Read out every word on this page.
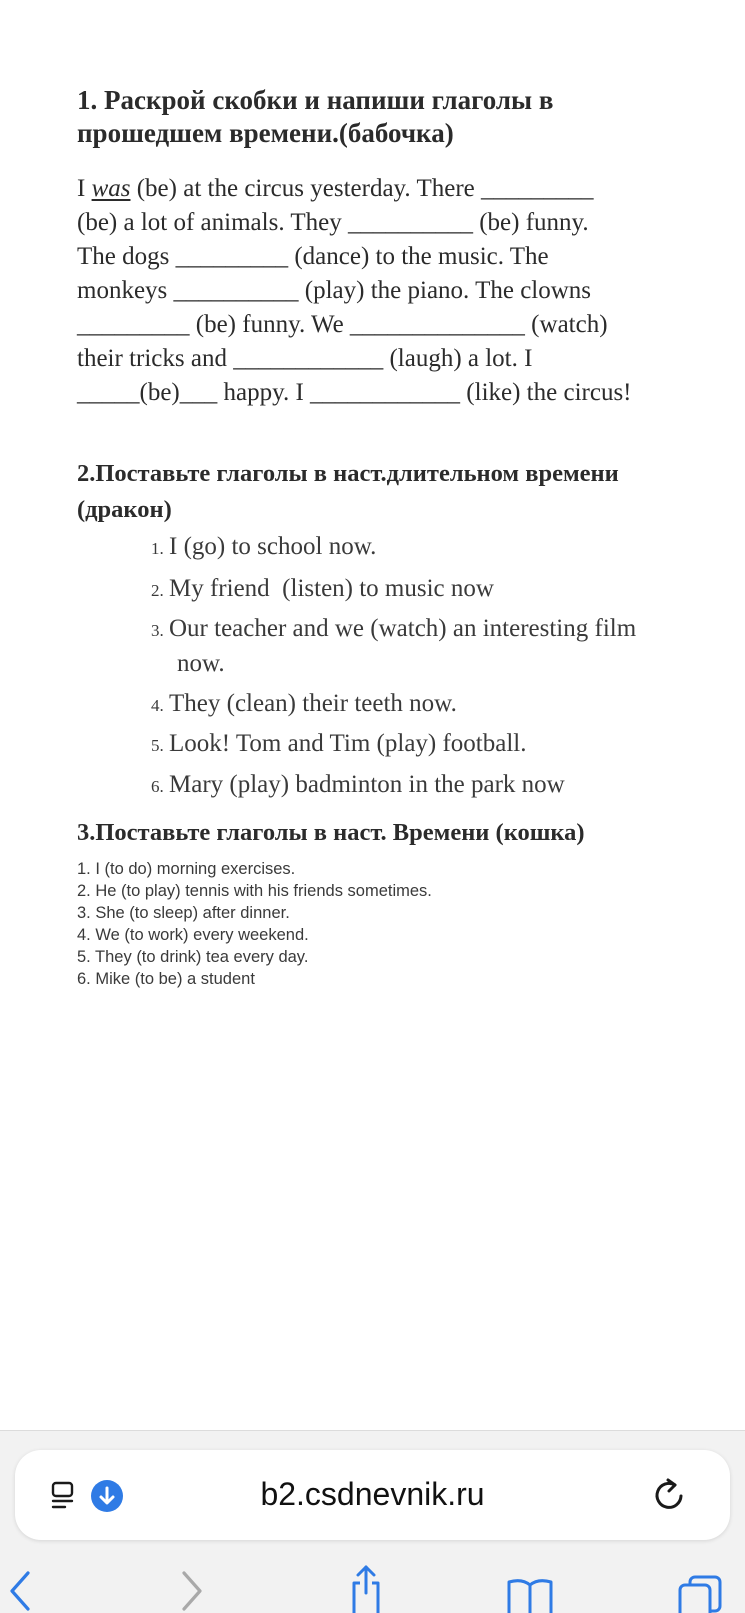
1. Раскрой скобки и напиши глаголы в
прошедшем времени.(бабочка)
I was (be) at the circus yesterday. There _________
(be) a lot of animals. They __________ (be) funny.
The dogs _________ (dance) to the music. The
monkeys __________ (play) the piano. The clowns
_________ (be) funny. We ______________ (watch)
their tricks and ____________ (laugh) a lot. I
_____(be)___ happy. I ____________ (like) the circus!
2.Поставьте глаголы в наст.длительном времени
(дракон)
1. I (go) to school now.
2. My friend  (listen) to music now
3. Our teacher and we (watch) an interesting film
now.
4. They (clean) their teeth now.
5. Look! Tom and Tim (play) football.
6. Mary (play) badminton in the park now
3.Поставьте глаголы в наст. Времени (кошка)
1. I (to do) morning exercises.
2. He (to play) tennis with his friends sometimes.
3. She (to sleep) after dinner.
4. We (to work) every weekend.
5. They (to drink) tea every day.
6. Mike (to be) a student
b2.csdnevnik.ru
